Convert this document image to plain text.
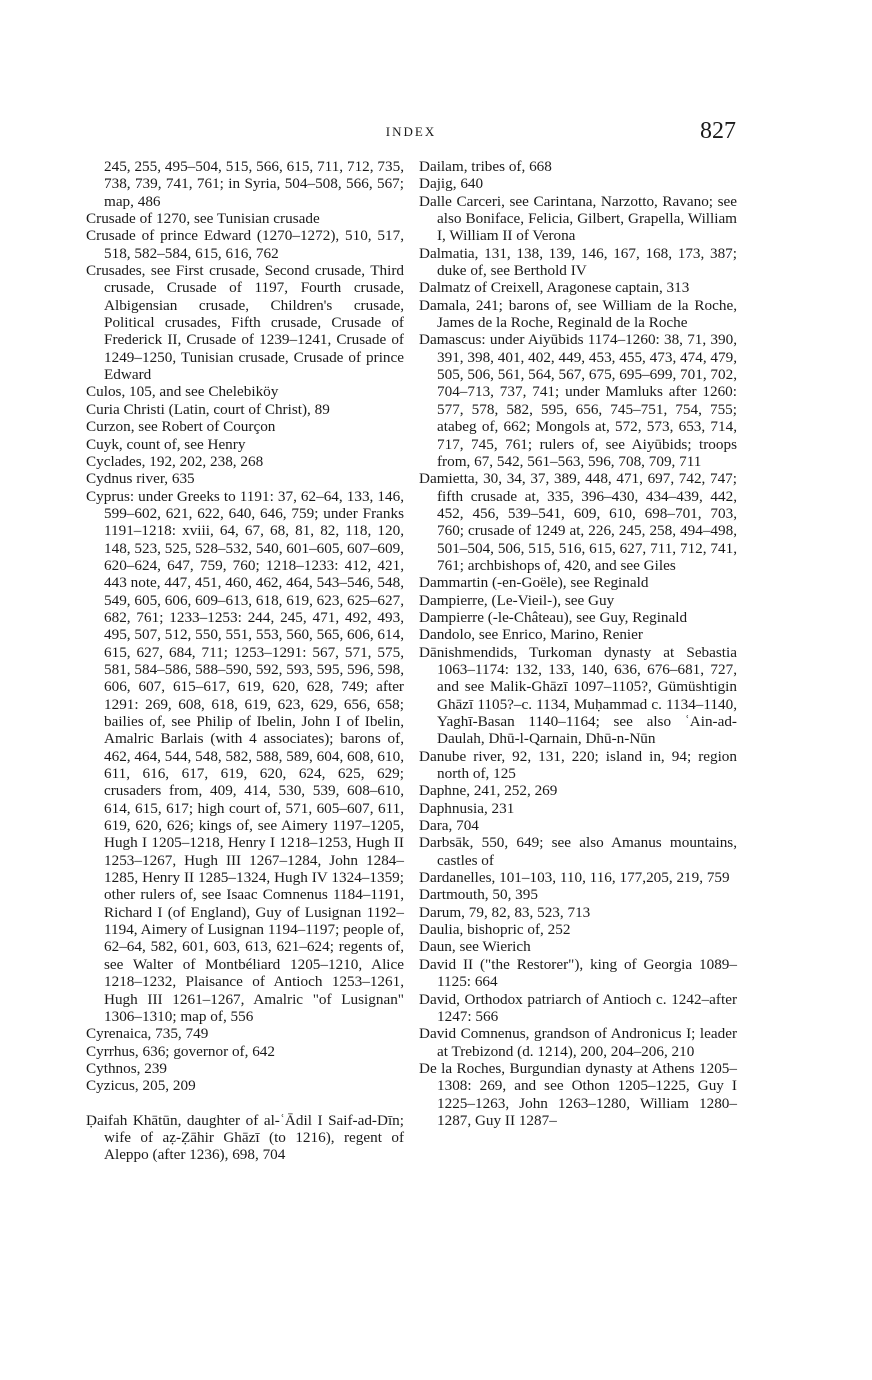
INDEX	827
245, 255, 495–504, 515, 566, 615, 711, 712, 735, 738, 739, 741, 761; in Syria, 504–508, 566, 567; map, 486
Crusade of 1270, see Tunisian crusade
Crusade of prince Edward (1270–1272), 510, 517, 518, 582–584, 615, 616, 762
Crusades, see First crusade, Second crusade, Third crusade, Crusade of 1197, Fourth crusade, Albigensian crusade, Children's crusade, Political crusades, Fifth crusade, Crusade of Frederick II, Crusade of 1239–1241, Crusade of 1249–1250, Tunisian crusade, Crusade of prince Edward
Culos, 105, and see Chelebiköy
Curia Christi (Latin, court of Christ), 89
Curzon, see Robert of Courçon
Cuyk, count of, see Henry
Cyclades, 192, 202, 238, 268
Cydnus river, 635
Cyprus: under Greeks to 1191: 37, 62–64, 133, 146, 599–602, 621, 622, 640, 646, 759; under Franks 1191–1218: xviii, 64, 67, 68, 81, 82, 118, 120, 148, 523, 525, 528–532, 540, 601–605, 607–609, 620–624, 647, 759, 760; 1218–1233: 412, 421, 443 note, 447, 451, 460, 462, 464, 543–546, 548, 549, 605, 606, 609–613, 618, 619, 623, 625–627, 682, 761; 1233–1253: 244, 245, 471, 492, 493, 495, 507, 512, 550, 551, 553, 560, 565, 606, 614, 615, 627, 684, 711; 1253–1291: 567, 571, 575, 581, 584–586, 588–590, 592, 593, 595, 596, 598, 606, 607, 615–617, 619, 620, 628, 749; after 1291: 269, 608, 618, 619, 623, 629, 656, 658; bailies of, see Philip of Ibelin, John I of Ibelin, Amalric Barlais (with 4 associates); barons of, 462, 464, 544, 548, 582, 588, 589, 604, 608, 610, 611, 616, 617, 619, 620, 624, 625, 629; crusaders from, 409, 414, 530, 539, 608–610, 614, 615, 617; high court of, 571, 605–607, 611, 619, 620, 626; kings of, see Aimery 1197–1205, Hugh I 1205–1218, Henry I 1218–1253, Hugh II 1253–1267, Hugh III 1267–1284, John 1284–1285, Henry II 1285–1324, Hugh IV 1324–1359; other rulers of, see Isaac Comnenus 1184–1191, Richard I (of England), Guy of Lusignan 1192–1194, Aimery of Lusignan 1194–1197; people of, 62–64, 582, 601, 603, 613, 621–624; regents of, see Walter of Montbéliard 1205–1210, Alice 1218–1232, Plaisance of Antioch 1253–1261, Hugh III 1261–1267, Amalric "of Lusignan" 1306–1310; map of, 556
Cyrenaica, 735, 749
Cyrrhus, 636; governor of, 642
Cythnos, 239
Cyzicus, 205, 209
Ḍaifah Khātūn, daughter of al-ʿĀdil I Saif-ad-Dīn; wife of aẓ-Ẓāhir Ghāzī (to 1216), regent of Aleppo (after 1236), 698, 704
Dailam, tribes of, 668
Dajig, 640
Dalle Carceri, see Carintana, Narzotto, Ravano; see also Boniface, Felicia, Gilbert, Grapella, William I, William II of Verona
Dalmatia, 131, 138, 139, 146, 167, 168, 173, 387; duke of, see Berthold IV
Dalmatz of Creixell, Aragonese captain, 313
Damala, 241; barons of, see William de la Roche, James de la Roche, Reginald de la Roche
Damascus: under Aiyūbids 1174–1260: 38, 71, 390, 391, 398, 401, 402, 449, 453, 455, 473, 474, 479, 505, 506, 561, 564, 567, 675, 695–699, 701, 702, 704–713, 737, 741; under Mamluks after 1260: 577, 578, 582, 595, 656, 745–751, 754, 755; atabeg of, 662; Mongols at, 572, 573, 653, 714, 717, 745, 761; rulers of, see Aiyūbids; troops from, 67, 542, 561–563, 596, 708, 709, 711
Damietta, 30, 34, 37, 389, 448, 471, 697, 742, 747; fifth crusade at, 335, 396–430, 434–439, 442, 452, 456, 539–541, 609, 610, 698–701, 703, 760; crusade of 1249 at, 226, 245, 258, 494–498, 501–504, 506, 515, 516, 615, 627, 711, 712, 741, 761; archbishops of, 420, and see Giles
Dammartin (-en-Goële), see Reginald
Dampierre, (Le-Vieil-), see Guy
Dampierre (-le-Château), see Guy, Reginald
Dandolo, see Enrico, Marino, Renier
Dānishmendids, Turkoman dynasty at Sebastia 1063–1174: 132, 133, 140, 636, 676–681, 727, and see Malik-Ghāzī 1097–1105?, Gümüshtigin Ghāzī 1105?–c. 1134, Muḥammad c. 1134–1140, Yaghī-Basan 1140–1164; see also ʿAin-ad-Daulah, Dhū-l-Qarnain, Dhū-n-Nūn
Danube river, 92, 131, 220; island in, 94; region north of, 125
Daphne, 241, 252, 269
Daphnusia, 231
Dara, 704
Darbsāk, 550, 649; see also Amanus mountains, castles of
Dardanelles, 101–103, 110, 116, 177,205, 219, 759
Dartmouth, 50, 395
Darum, 79, 82, 83, 523, 713
Daulia, bishopric of, 252
Daun, see Wierich
David II ("the Restorer"), king of Georgia 1089–1125: 664
David, Orthodox patriarch of Antioch c. 1242–after 1247: 566
David Comnenus, grandson of Andronicus I; leader at Trebizond (d. 1214), 200, 204–206, 210
De la Roches, Burgundian dynasty at Athens 1205–1308: 269, and see Othon 1205–1225, Guy I 1225–1263, John 1263–1280, William 1280–1287, Guy II 1287–
